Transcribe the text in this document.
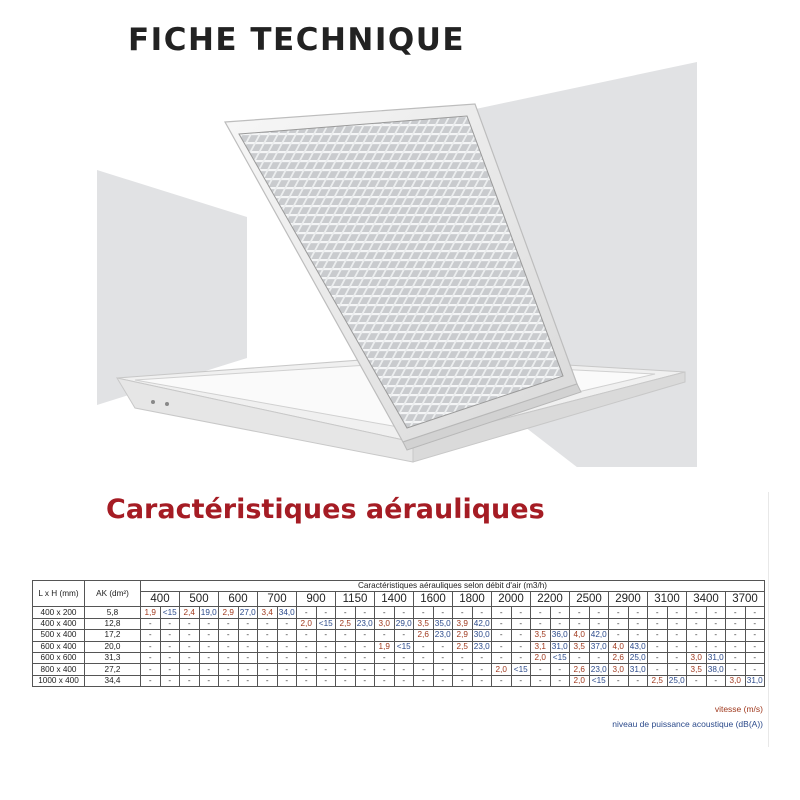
FICHE TECHNIQUE
Caractéristiques aérauliques
L x H (mm)	AK (dm²)	Caractéristiques aérauliques selon débit d'air (m3/h)																															
		400		500		600		700		900		1150		1400		1600		1800		2000		2200		2500		2900		3100		3400		3700	
400 x 200	5,8	1,9	<15	2,4	19,0	2,9	27,0	3,4	34,0	-	-	-	-	-	-	-	-	-	-	-	-	-	-	-	-	-	-	-	-	-	-	-	-
400 x 400	12,8	-	-	-	-	-	-	-	-	2,0	<15	2,5	23,0	3,0	29,0	3,5	35,0	3,9	42,0	-	-	-	-	-	-	-	-	-	-	-	-	-	-
500 x 400	17,2	-	-	-	-	-	-	-	-	-	-	-	-	-	-	2,6	23,0	2,9	30,0	-	-	3,5	36,0	4,0	42,0	-	-	-	-	-	-	-	-
600 x 400	20,0	-	-	-	-	-	-	-	-	-	-	-	-	1,9	<15	-	-	2,5	23,0	-	-	3,1	31,0	3,5	37,0	4,0	43,0	-	-	-	-	-	-
600 x 600	31,3	-	-	-	-	-	-	-	-	-	-	-	-	-	-	-	-	-	-	-	-	2,0	<15	-	-	2,6	25,0	-	-	3,0	31,0	-	-
800 x 400	27,2	-	-	-	-	-	-	-	-	-	-	-	-	-	-	-	-	-	-	2,0	<15	-	-	2,6	23,0	3,0	31,0	-	-	3,5	38,0	-	-
1000 x 400	34,4	-	-	-	-	-	-	-	-	-	-	-	-	-	-	-	-	-	-	-	-	-	-	2,0	<15	-	-	2,5	25,0	-	-	3,0	31,0
vitesse (m/s)
niveau de puissance acoustique (dB(A))
